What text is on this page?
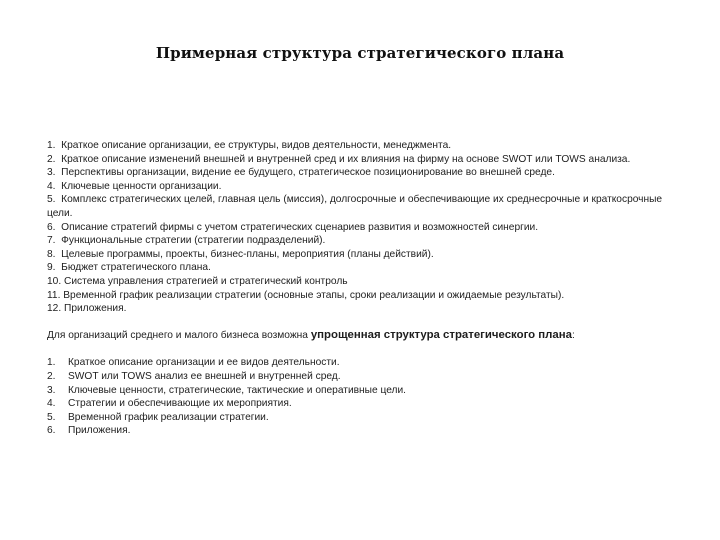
Примерная структура стратегического плана
1.  Краткое описание организации, ее структуры, видов деятельности, менеджмента.
2.  Краткое описание изменений внешней и внутренней сред и их влияния на фирму на основе SWOT или TOWS анализа.
3.  Перспективы организации, видение ее будущего, стратегическое позиционирование во внешней среде.
4.  Ключевые ценности организации.
5.  Комплекс стратегических целей, главная цель (миссия), долгосрочные и обеспечивающие их среднесрочные и краткосрочные цели.
6.  Описание стратегий фирмы с учетом стратегических сценариев развития и возможностей синергии.
7.  Функциональные стратегии (стратегии подразделений).
8.  Целевые программы, проекты, бизнес-планы, мероприятия (планы действий).
9.  Бюджет стратегического плана.
10. Система управления стратегией и стратегический контроль
11. Временной график реализации стратегии (основные этапы, сроки реализации и ожидаемые результаты).
12. Приложения.

Для организаций среднего и малого бизнеса возможна упрощенная структура стратегического плана:

1. Краткое описание организации и ее видов деятельности.
2. SWOT или TOWS анализ ее внешней и внутренней сред.
3. Ключевые ценности, стратегические, тактические и оперативные цели.
4. Стратегии и обеспечивающие их мероприятия.
5. Временной график реализации стратегии.
6. Приложения.
